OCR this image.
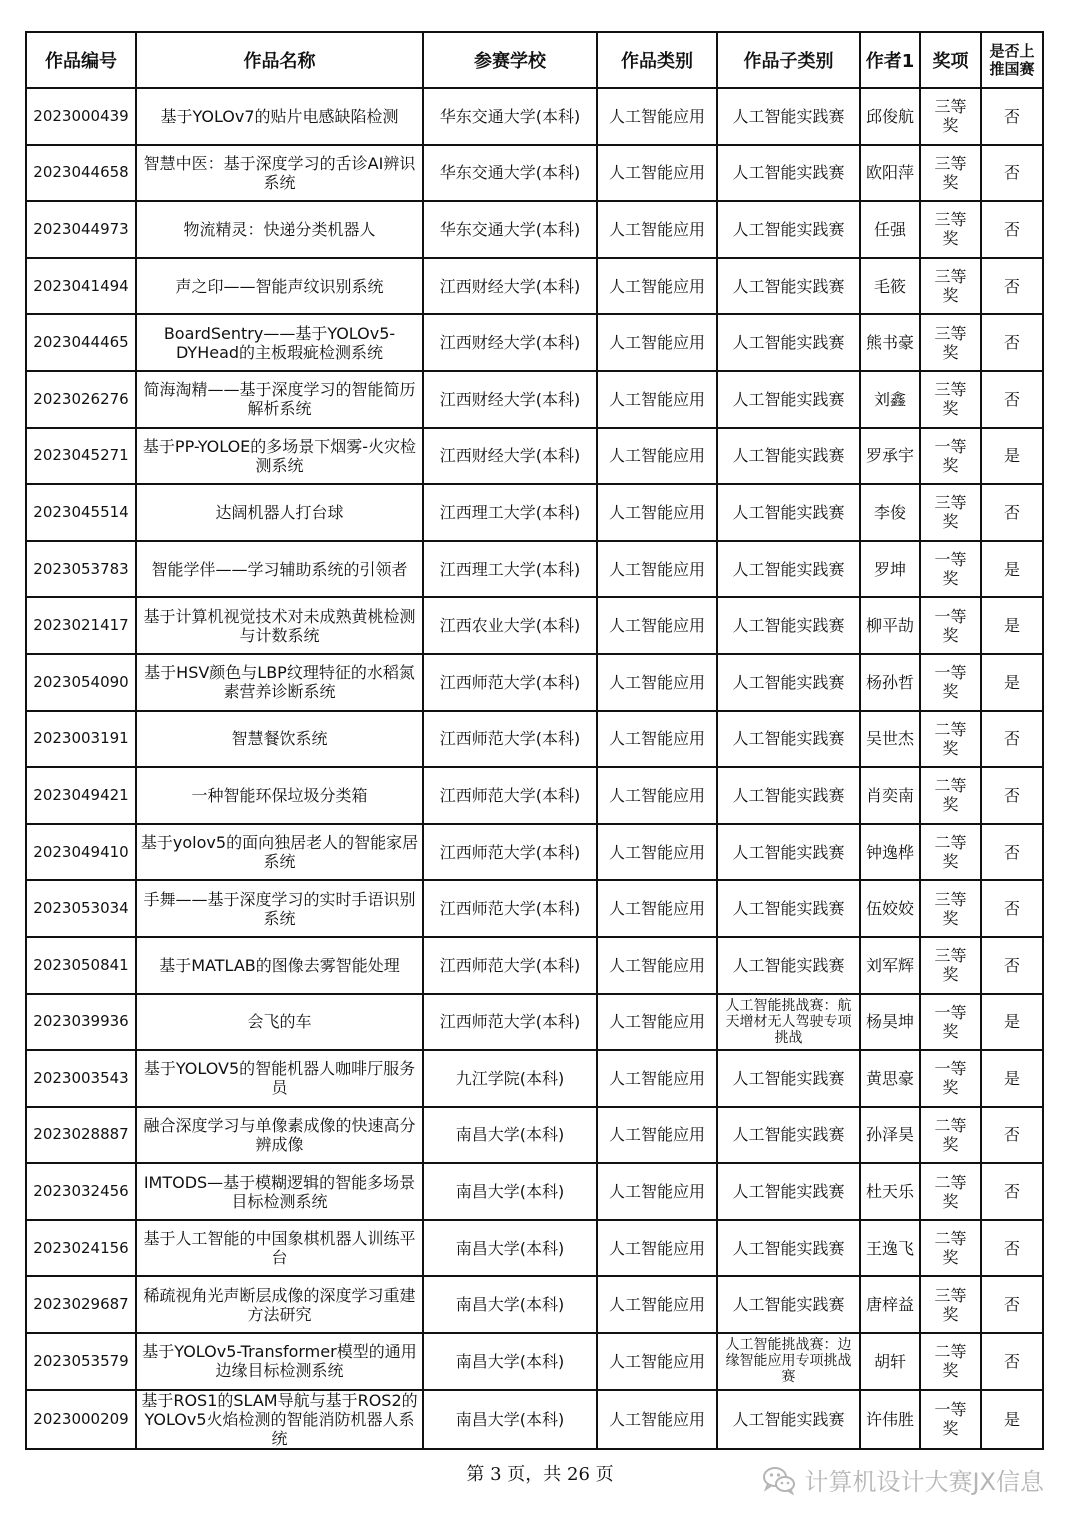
作品编号	作品名称	参赛学校	作品类别	作品子类别	作者1	奖项	是否上推国赛
2023000439	基于YOLOv7的贴片电感缺陷检测	华东交通大学(本科)	人工智能应用	人工智能实践赛	邱俊航	三等奖	否
2023044658	智慧中医：基于深度学习的舌诊AI辨识系统	华东交通大学(本科)	人工智能应用	人工智能实践赛	欧阳萍	三等奖	否
2023044973	物流精灵：快递分类机器人	华东交通大学(本科)	人工智能应用	人工智能实践赛	任强	三等奖	否
2023041494	声之印——智能声纹识别系统	江西财经大学(本科)	人工智能应用	人工智能实践赛	毛筱	三等奖	否
2023044465	BoardSentry——基于YOLOv5-DYHead的主板瑕疵检测系统	江西财经大学(本科)	人工智能应用	人工智能实践赛	熊书豪	三等奖	否
2023026276	简海淘精——基于深度学习的智能简历解析系统	江西财经大学(本科)	人工智能应用	人工智能实践赛	刘鑫	三等奖	否
2023045271	基于PP-YOLOE的多场景下烟雾-火灾检测系统	江西财经大学(本科)	人工智能应用	人工智能实践赛	罗承宇	一等奖	是
2023045514	达阔机器人打台球	江西理工大学(本科)	人工智能应用	人工智能实践赛	李俊	三等奖	否
2023053783	智能学伴——学习辅助系统的引领者	江西理工大学(本科)	人工智能应用	人工智能实践赛	罗坤	一等奖	是
2023021417	基于计算机视觉技术对未成熟黄桃检测与计数系统	江西农业大学(本科)	人工智能应用	人工智能实践赛	柳平劼	一等奖	是
2023054090	基于HSV颜色与LBP纹理特征的水稻氮素营养诊断系统	江西师范大学(本科)	人工智能应用	人工智能实践赛	杨孙哲	一等奖	是
2023003191	智慧餐饮系统	江西师范大学(本科)	人工智能应用	人工智能实践赛	吴世杰	二等奖	否
2023049421	一种智能环保垃圾分类箱	江西师范大学(本科)	人工智能应用	人工智能实践赛	肖奕南	二等奖	否
2023049410	基于yolov5的面向独居老人的智能家居系统	江西师范大学(本科)	人工智能应用	人工智能实践赛	钟逸桦	二等奖	否
2023053034	手舞——基于深度学习的实时手语识别系统	江西师范大学(本科)	人工智能应用	人工智能实践赛	伍姣姣	三等奖	否
2023050841	基于MATLAB的图像去雾智能处理	江西师范大学(本科)	人工智能应用	人工智能实践赛	刘军辉	三等奖	否
2023039936	会飞的车	江西师范大学(本科)	人工智能应用	人工智能挑战赛：航天增材无人驾驶专项挑战	杨昊坤	一等奖	是
2023003543	基于YOLOV5的智能机器人咖啡厅服务员	九江学院(本科)	人工智能应用	人工智能实践赛	黄思豪	一等奖	是
2023028887	融合深度学习与单像素成像的快速高分辨成像	南昌大学(本科)	人工智能应用	人工智能实践赛	孙泽昊	二等奖	否
2023032456	IMTODS—基于模糊逻辑的智能多场景目标检测系统	南昌大学(本科)	人工智能应用	人工智能实践赛	杜天乐	二等奖	否
2023024156	基于人工智能的中国象棋机器人训练平台	南昌大学(本科)	人工智能应用	人工智能实践赛	王逸飞	二等奖	否
2023029687	稀疏视角光声断层成像的深度学习重建方法研究	南昌大学(本科)	人工智能应用	人工智能实践赛	唐梓益	三等奖	否
2023053579	基于YOLOv5-Transformer模型的通用边缘目标检测系统	南昌大学(本科)	人工智能应用	人工智能挑战赛：边缘智能应用专项挑战赛	胡轩	二等奖	否
2023000209	基于ROS1的SLAM导航与基于ROS2的YOLOv5火焰检测的智能消防机器人系统	南昌大学(本科)	人工智能应用	人工智能实践赛	许伟胜	一等奖	是
第 3 页，共 26 页	计算机设计大赛JX信息
